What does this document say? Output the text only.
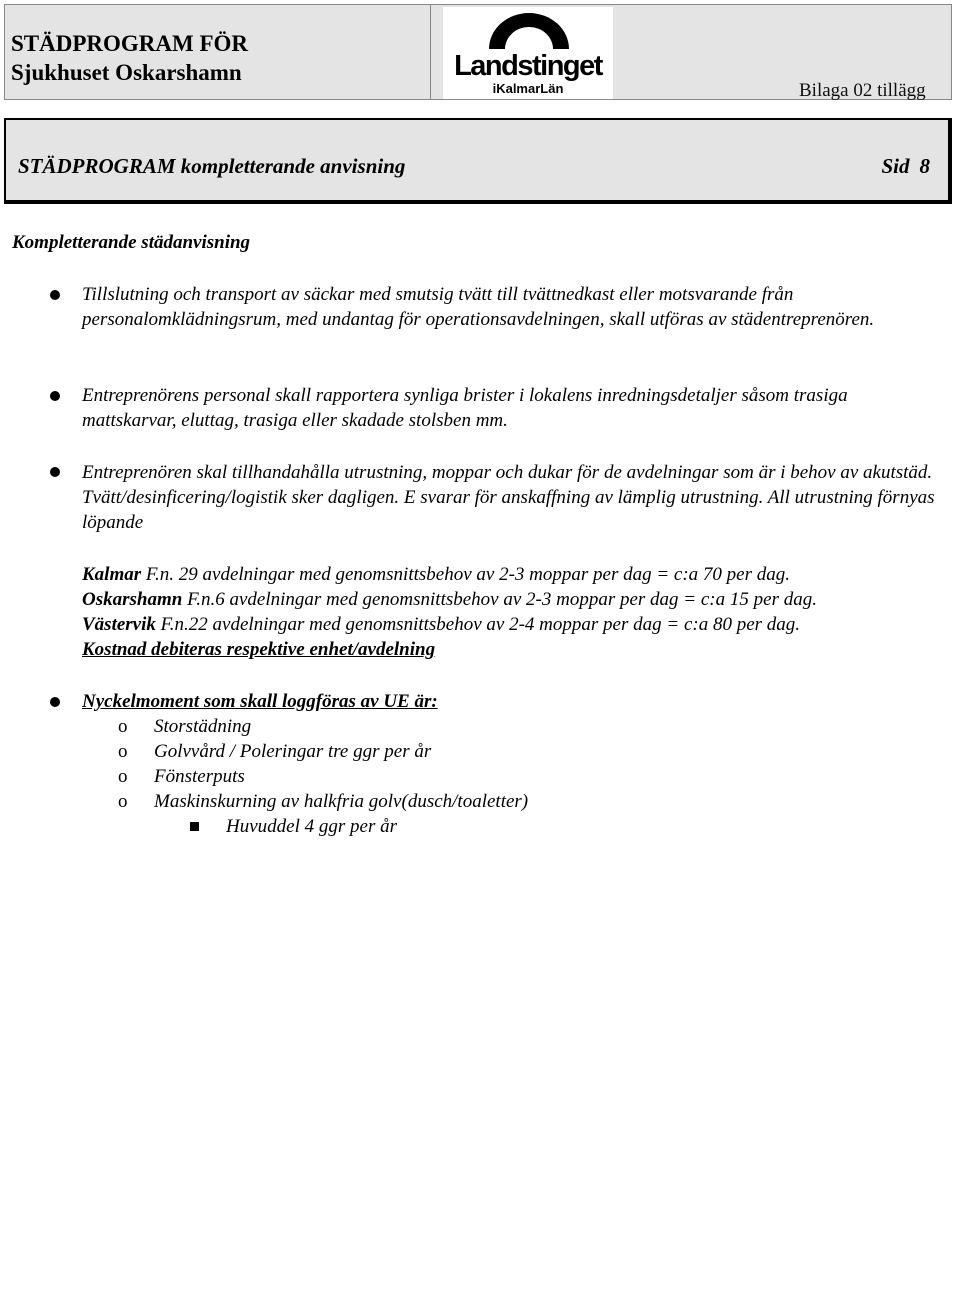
STÄDPROGRAM FÖR
Sjukhuset Oskarshamn	Landstinget
iKalmarLän	Bilaga 02 tillägg
STÄDPROGRAM kompletterande anvisning	Sid 8
Kompletterande städanvisning
Tillslutning och transport av säckar med smutsig tvätt till tvättnedkast eller motsvarande från personalomklädningsrum, med undantag för operationsavdelningen, skall utföras av städentreprenören.
Entreprenörens personal skall rapportera synliga brister i lokalens inredningsdetaljer såsom trasiga mattskarvar, eluttag, trasiga eller skadade stolsben mm.
Entreprenören skal tillhandahålla utrustning, moppar och dukar för de avdelningar som är i behov av akutstäd. Tvätt/desinficering/logistik sker dagligen. E svarar för anskaffning av lämplig utrustning. All utrustning förnyas löpande
Kalmar F.n. 29 avdelningar med genomsnittsbehov av 2-3 moppar per dag = c:a 70 per dag.
Oskarshamn F.n.6 avdelningar med genomsnittsbehov av 2-3 moppar per dag = c:a 15 per dag.
Västervik F.n.22 avdelningar med genomsnittsbehov av 2-4 moppar per dag = c:a 80 per dag.
Kostnad debiteras respektive enhet/avdelning
Nyckelmoment som skall loggföras av UE är:
o Storstädning
o Golvvård / Poleringar tre ggr per år
o Fönsterputs
o Maskinskurning av halkfria golv(dusch/toaletter)
Huvuddel 4 ggr per år
